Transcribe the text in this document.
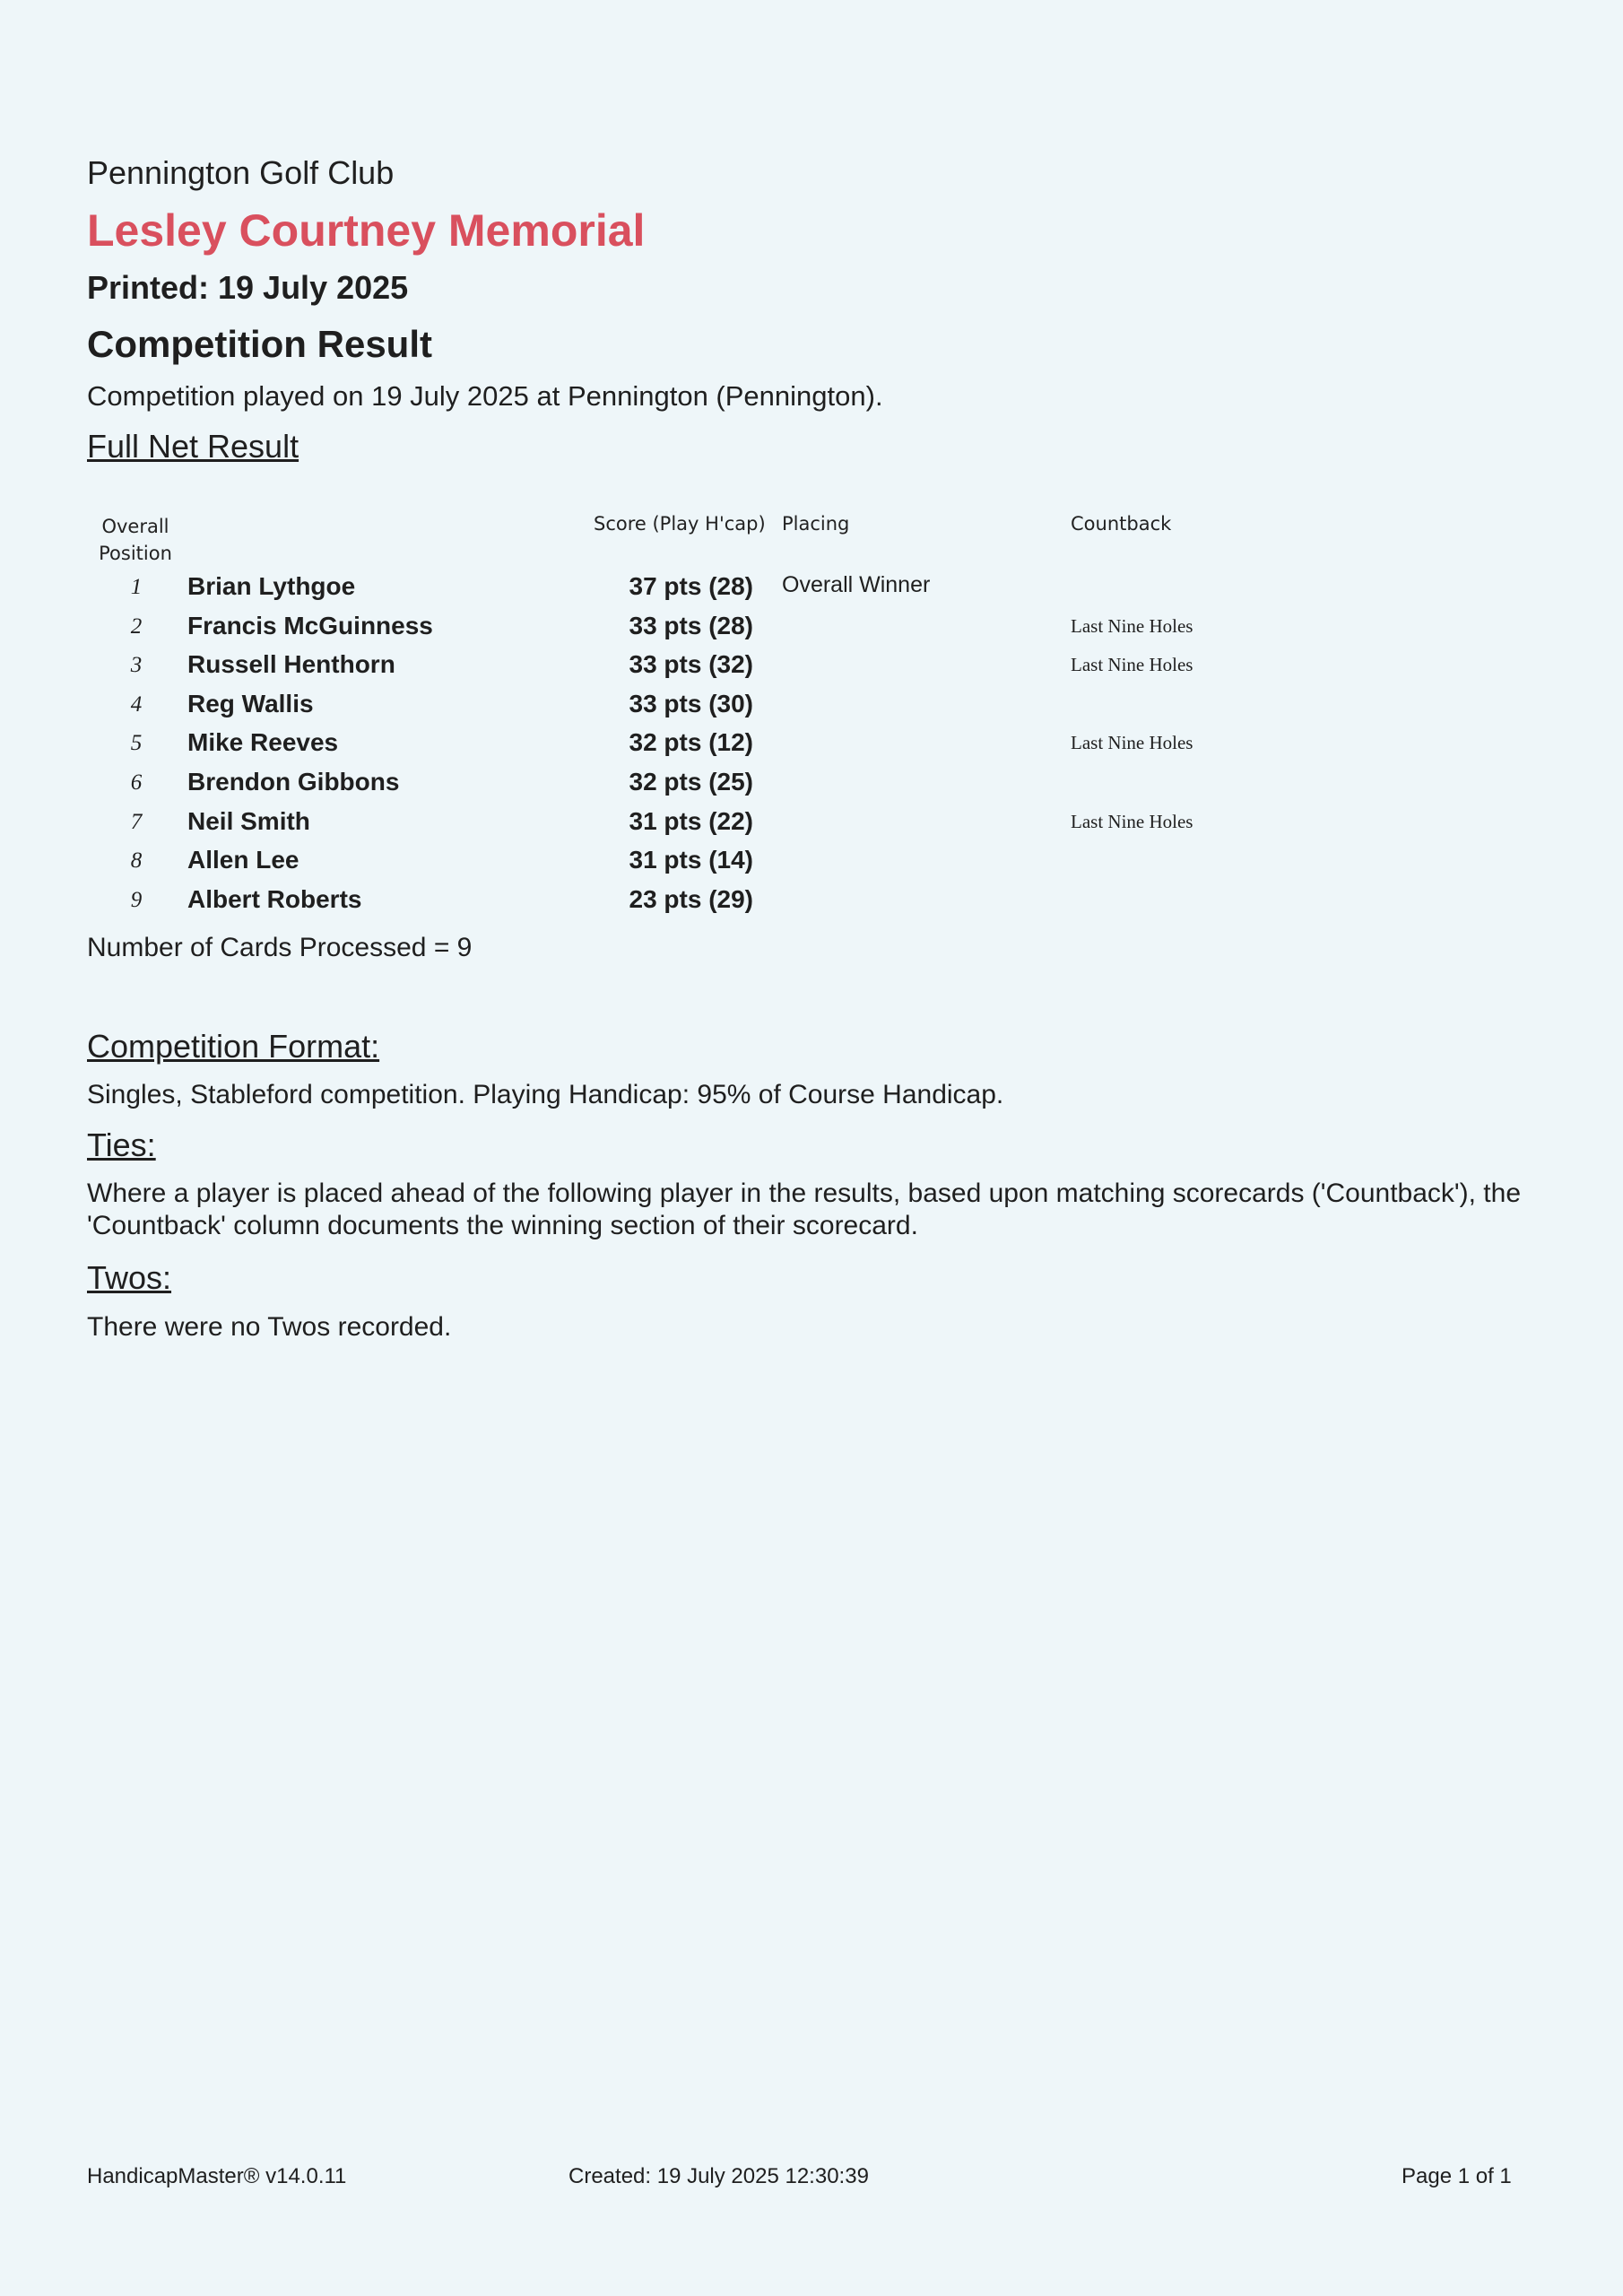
Pennington Golf Club
Lesley Courtney Memorial
Printed: 19 July 2025
Competition Result
Competition played on 19 July 2025 at Pennington (Pennington).
Full Net Result
Overall Position
Score (Play H'cap) Placing	Countback
1	Brian Lythgoe	37 pts (28) Overall Winner
2	Francis McGuinness	33 pts (28)	Last Nine Holes
3	Russell Henthorn	33 pts (32)	Last Nine Holes
4	Reg Wallis	33 pts (30)
5	Mike Reeves	32 pts (12)	Last Nine Holes
6	Brendon Gibbons	32 pts (25)
7	Neil Smith	31 pts (22)	Last Nine Holes
8	Allen Lee	31 pts (14)
9	Albert Roberts	23 pts (29)
Number of Cards Processed = 9
Competition Format:
Singles, Stableford competition. Playing Handicap: 95% of Course Handicap.
Ties:
Where a player is placed ahead of the following player in the results, based upon matching scorecards ('Countback'), the 'Countback' column documents the winning section of their scorecard.
Twos:
There were no Twos recorded.
HandicapMaster® v14.0.11	Created: 19 July 2025 12:30:39	Page 1 of 1
